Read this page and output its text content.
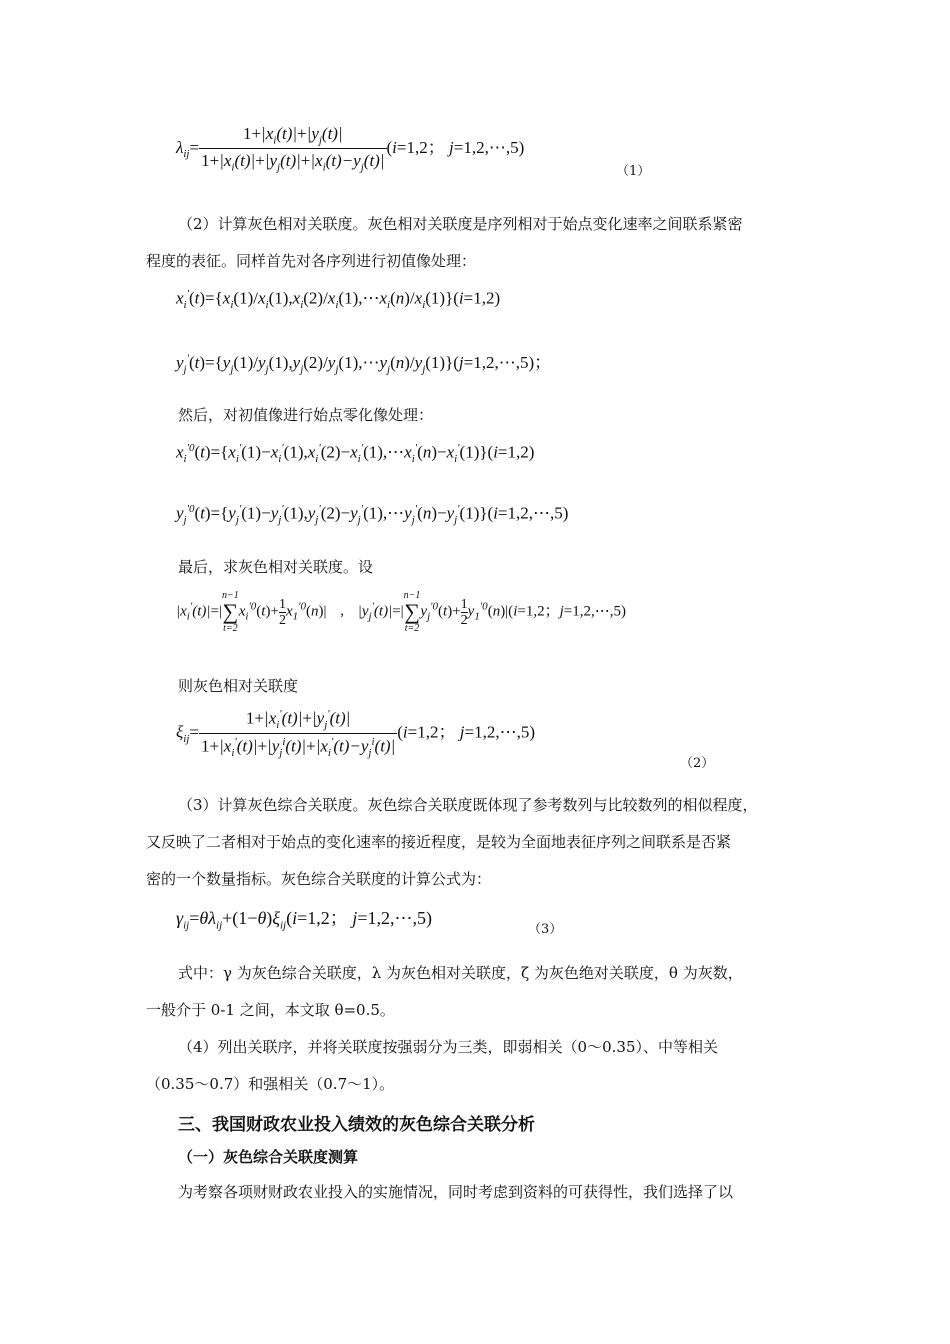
$\lambda_{ij}= \frac{1+|x_i(t)|+|y_j(t)|}{1+|x_i(t)|+|y_j(t)|+|x_i(t)-y_j(t)|} (i=1,2$； j=1,2,⋯,5)
（1）
（2）计算灰色相对关联度。灰色相对关联度是序列相对于始点变化速率之间联系紧密
程度的表征。同样首先对各序列进行初值像处理：
$x_i'(t)=\{x_i(1)/x_i(1),x_i(2)/x_i(1),\cdots x_i(n)/x_i(1)\}(i=1,2)$
$y_j'(t)=\{y_j(1)/y_j(1),y_j(2)/y_j(1),\cdots y_j(n)/y_j(1)\}(j=1,2,\cdots,5)$；
然后，对初值像进行始点零化像处理：
$x_i^{'0}(t)=\{x_i'(1)-x_i'(1),x_i'(2)-x_i'(1),\cdots x_i'(n)-x_i'(1)\}(i=1,2)$
$y_j^{'0}(t)=\{y_j'(1)-y_j'(1),y_j'(2)-y_j'(1),\cdots y_j'(n)-y_j'(1)\}(i=1,2,\cdots,5)$
最后，求灰色相对关联度。设
$|x_i'(t)|=|$
n−1
∑
t=2
$x_i^{'0}(t)+ \frac{1}{2} x_1^{'0}(n)|$ , $|y_j'(t)|=|$
n−1
∑
t=2
$y_j^{'0}(t)+ \frac{1}{2} y_1^{'0}(n)|(i=1,2$；j=1,2,⋯,5)
则灰色相对关联度
$\xi_{ij}= \frac{1+|x_i'(t)|+|y_j'(t)|}{1+|x_i'(t)|+|y_j^i(t)|+|x_i'(t)-y_j^i(t)|} (i=1,2$； j=1,2,⋯,5)
（2）
（3）计算灰色综合关联度。灰色综合关联度既体现了参考数列与比较数列的相似程度，
又反映了二者相对于始点的变化速率的接近程度，是较为全面地表征序列之间联系是否紧
密的一个数量指标。灰色综合关联度的计算公式为：
$\gamma_{ij}=\theta\lambda_{ij}+(1-\theta)\xi_{ij}(i=1,2$； j=1,2,⋯,5)
（3）
式中：γ 为灰色综合关联度，λ 为灰色相对关联度，ζ 为灰色绝对关联度，θ 为灰数，
一般介于 0-1 之间，本文取 θ=0.5。
（4）列出关联序，并将关联度按强弱分为三类，即弱相关（0～0.35）、中等相关
（0.35～0.7）和强相关（0.7～1）。
三、我国财政农业投入绩效的灰色综合关联分析
（一）灰色综合关联度测算
为考察各项财财政农业投入的实施情况，同时考虑到资料的可获得性，我们选择了以
